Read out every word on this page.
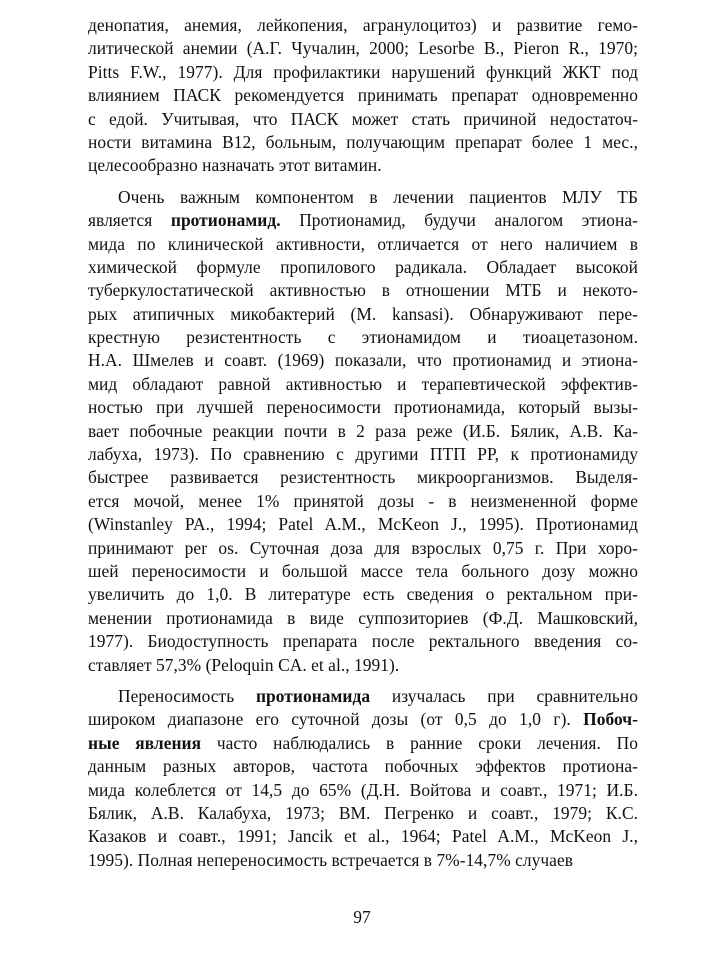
денопатия, анемия, лейкопения, агранулоцитоз) и развитие гемо-
литической анемии (А.Г. Чучалин, 2000; Lesorbe B., Pieron R., 1970;
Pitts F.W., 1977). Для профилактики нарушений функций ЖКТ под
влиянием ПАСК рекомендуется принимать препарат одновременно
с едой. Учитывая, что ПАСК может стать причиной недостаточ-
ности витамина В12, больным, получающим препарат более 1 мес.,
целесообразно назначать этот витамин.
Очень важным компонентом в лечении пациентов МЛУ ТБ
является протионамид. Протионамид, будучи аналогом этиона-
мида по клинической активности, отличается от него наличием в
химической формуле пропилового радикала. Обладает высокой
туберкулостатической активностью в отношении МТБ и некото-
рых атипичных микобактерий (M. kansasi). Обнаруживают пере-
крестную резистентность с этионамидом и тиоацетазоном.
Н.А. Шмелев и соавт. (1969) показали, что протионамид и этиона-
мид обладают равной активностью и терапевтической эффектив-
ностью при лучшей переносимости протионамида, который вызы-
вает побочные реакции почти в 2 раза реже (И.Б. Бялик, А.В. Ка-
лабуха, 1973). По сравнению с другими ПТП РР, к протионамиду
быстрее развивается резистентность микроорганизмов. Выделя-
ется мочой, менее 1% принятой дозы - в неизмененной форме
(Winstanley PA., 1994; Patel A.M., McKeon J., 1995). Протионамид
принимают per os. Суточная доза для взрослых 0,75 г. При хоро-
шей переносимости и большой массе тела больного дозу можно
увеличить до 1,0. В литературе есть сведения о ректальном при-
менении протионамида в виде суппозиториев (Ф.Д. Машковский,
1977). Биодоступность препарата после ректального введения со-
ставляет 57,3% (Peloquin CA. et al., 1991).
Переносимость протионамида изучалась при сравнительно
широком диапазоне его суточной дозы (от 0,5 до 1,0 г). Побоч-
ные явления часто наблюдались в ранние сроки лечения. По
данным разных авторов, частота побочных эффектов протиона-
мида колеблется от 14,5 до 65% (Д.Н. Войтова и соавт., 1971; И.Б.
Бялик, А.В. Калабуха, 1973; ВМ. Пегренко и соавт., 1979; К.С.
Казаков и соавт., 1991; Jancik et al., 1964; Patel A.M., McKeon J.,
1995). Полная непереносимость встречается в 7%-14,7% случаев
97
